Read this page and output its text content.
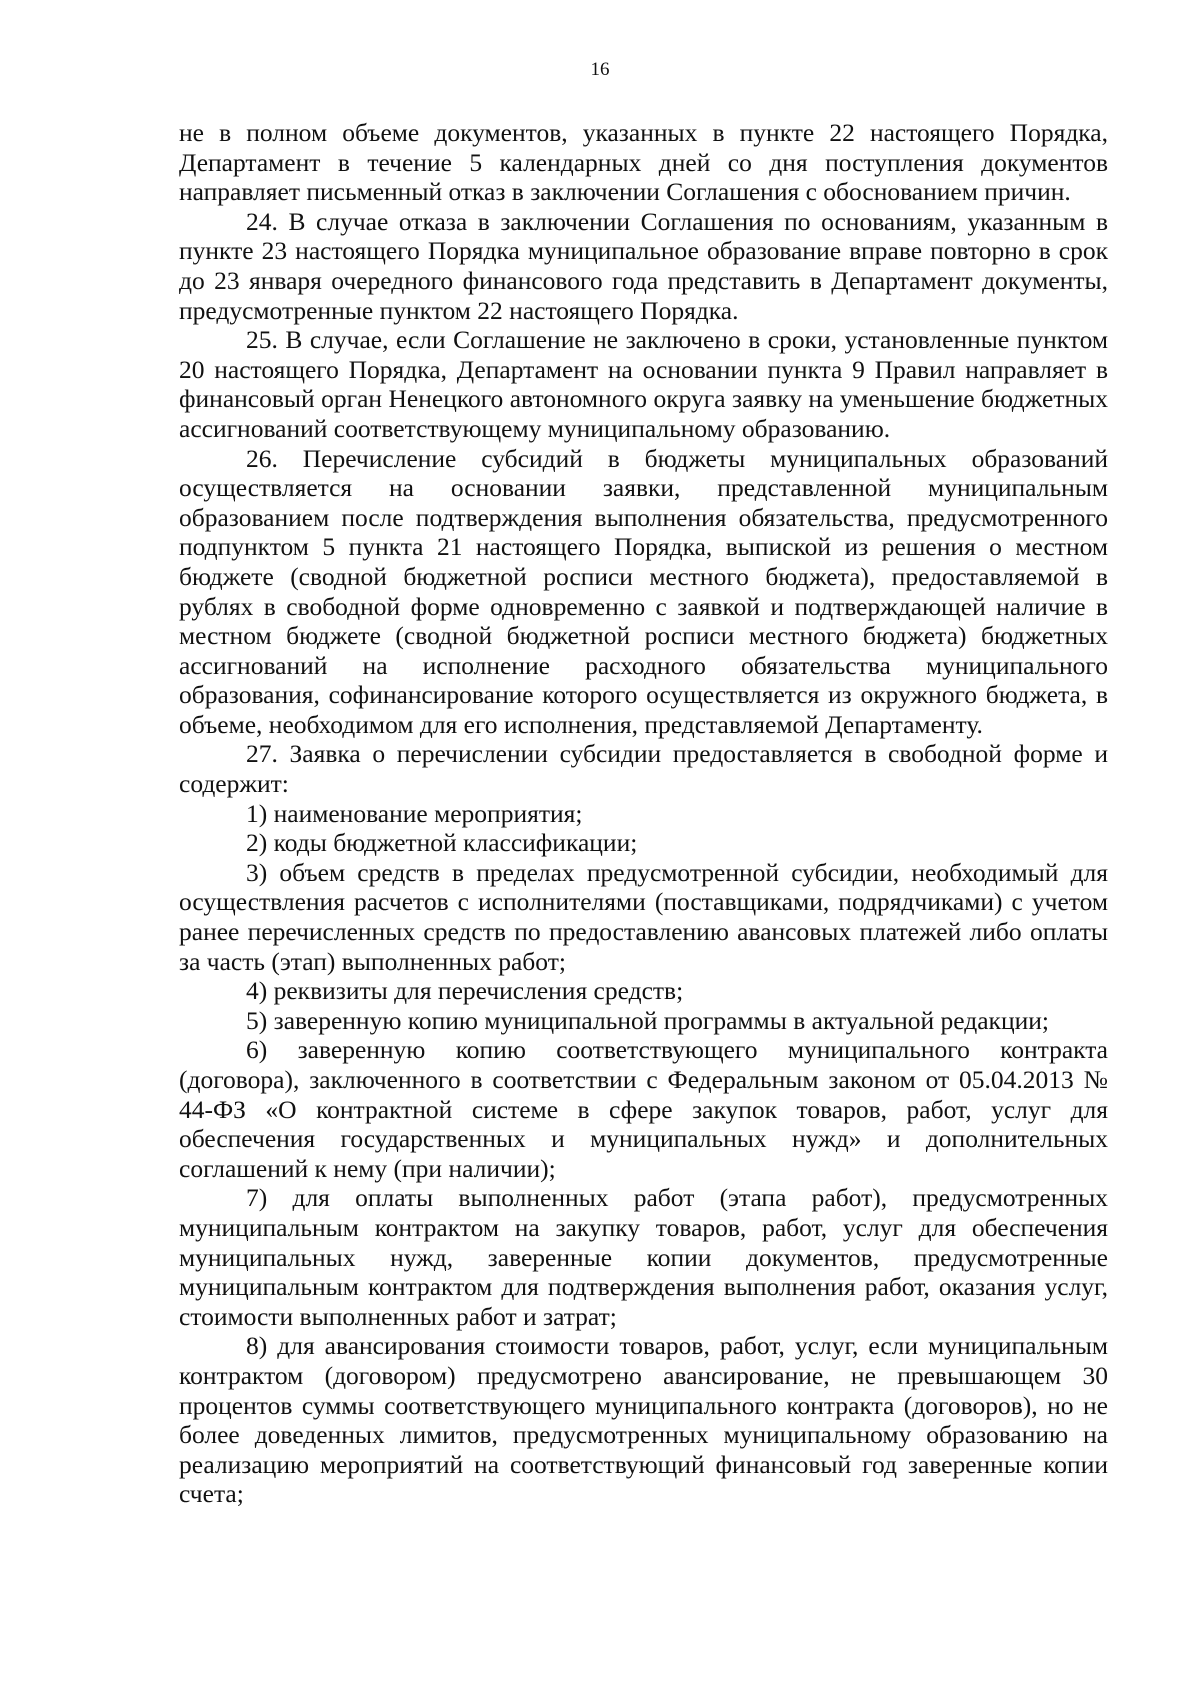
16

не в полном объеме документов, указанных в пункте 22 настоящего Порядка, Департамент в течение 5 календарных дней со дня поступления документов направляет письменный отказ в заключении Соглашения с обоснованием причин.

24. В случае отказа в заключении Соглашения по основаниям, указанным в пункте 23 настоящего Порядка муниципальное образование вправе повторно в срок до 23 января очередного финансового года представить в Департамент документы, предусмотренные пунктом 22 настоящего Порядка.

25. В случае, если Соглашение не заключено в сроки, установленные пунктом 20 настоящего Порядка, Департамент на основании пункта 9 Правил направляет в финансовый орган Ненецкого автономного округа заявку на уменьшение бюджетных ассигнований соответствующему муниципальному образованию.

26. Перечисление субсидий в бюджеты муниципальных образований осуществляется на основании заявки, представленной муниципальным образованием после подтверждения выполнения обязательства, предусмотренного подпунктом 5 пункта 21 настоящего Порядка, выпиской из решения о местном бюджете (сводной бюджетной росписи местного бюджета), предоставляемой в рублях в свободной форме одновременно с заявкой и подтверждающей наличие в местном бюджете (сводной бюджетной росписи местного бюджета) бюджетных ассигнований на исполнение расходного обязательства муниципального образования, софинансирование которого осуществляется из окружного бюджета, в объеме, необходимом для его исполнения, представляемой Департаменту.

27. Заявка о перечислении субсидии предоставляется в свободной форме и содержит:

1) наименование мероприятия;

2) коды бюджетной классификации;

3) объем средств в пределах предусмотренной субсидии, необходимый для осуществления расчетов с исполнителями (поставщиками, подрядчиками) с учетом ранее перечисленных средств по предоставлению авансовых платежей либо оплаты за часть (этап) выполненных работ;

4) реквизиты для перечисления средств;

5) заверенную копию муниципальной программы в актуальной редакции;

6) заверенную копию соответствующего муниципального контракта (договора), заключенного в соответствии с Федеральным законом от 05.04.2013 № 44-ФЗ «О контрактной системе в сфере закупок товаров, работ, услуг для обеспечения государственных и муниципальных нужд» и дополнительных соглашений к нему (при наличии);

7) для оплаты выполненных работ (этапа работ), предусмотренных муниципальным контрактом на закупку товаров, работ, услуг для обеспечения муниципальных нужд, заверенные копии документов, предусмотренные муниципальным контрактом для подтверждения выполнения работ, оказания услуг, стоимости выполненных работ и затрат;

8) для авансирования стоимости товаров, работ, услуг, если муниципальным контрактом (договором) предусмотрено авансирование, не превышающем 30 процентов суммы соответствующего муниципального контракта (договоров), но не более доведенных лимитов, предусмотренных муниципальному образованию на реализацию мероприятий на соответствующий финансовый год заверенные копии счета;
